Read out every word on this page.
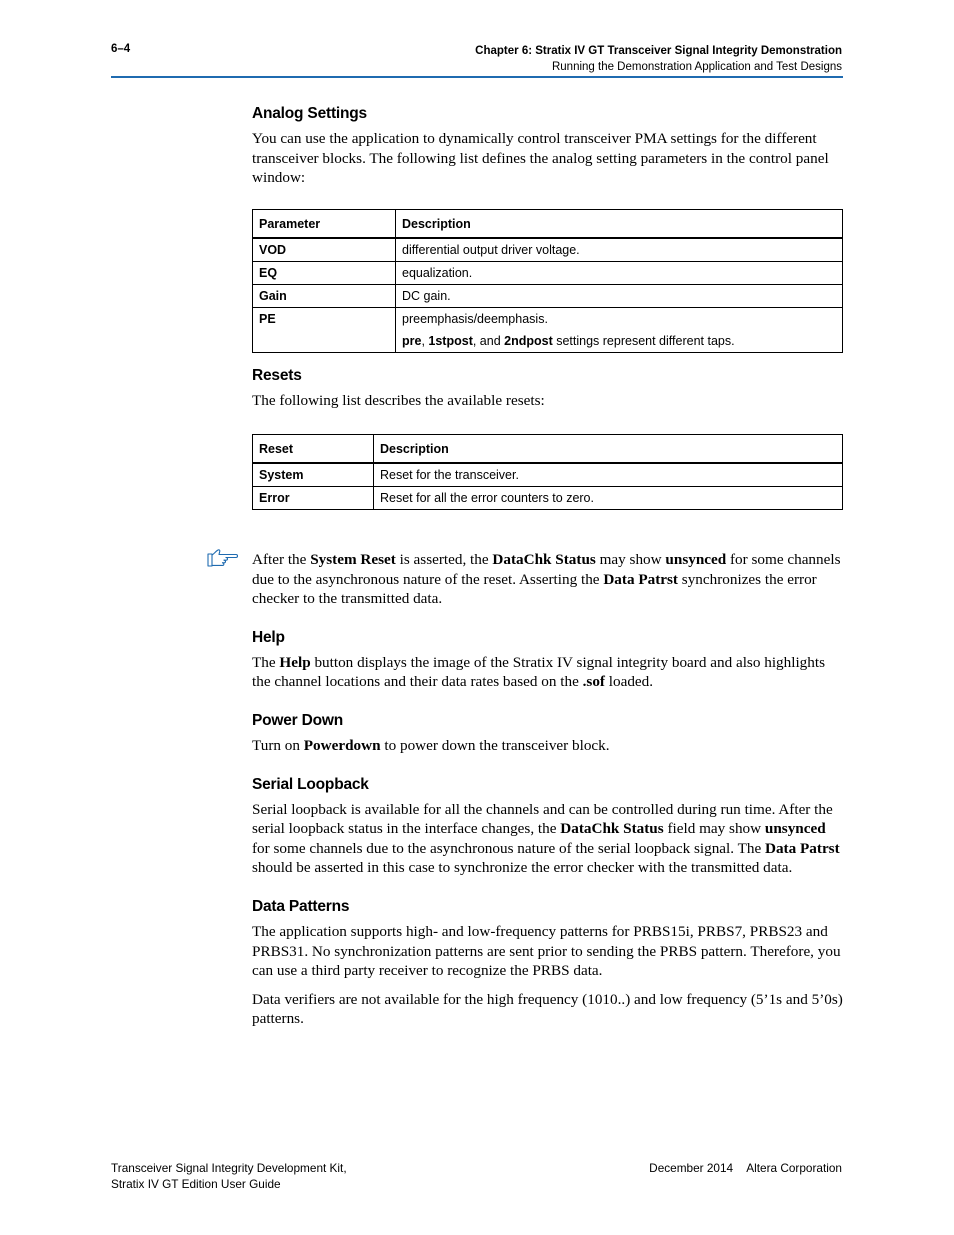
6–4	Chapter 6: Stratix IV GT Transceiver Signal Integrity Demonstration
Running the Demonstration Application and Test Designs
Analog Settings

You can use the application to dynamically control transceiver PMA settings for the different transceiver blocks. The following list defines the analog setting parameters in the control panel window:

Parameter	Description
VOD	differential output driver voltage.
EQ	equalization.
Gain	DC gain.
PE	preemphasis/deemphasis.
pre, 1stpost, and 2ndpost settings represent different taps.
Resets

The following list describes the available resets:

Reset	Description
System	Reset for the transceiver.
Error	Reset for all the error counters to zero.

After the System Reset is asserted, the DataChk Status may show unsynced for some channels due to the asynchronous nature of the reset. Asserting the Data Patrst synchronizes the error checker to the transmitted data.

Help

The Help button displays the image of the Stratix IV signal integrity board and also highlights the channel locations and their data rates based on the .sof loaded.

Power Down

Turn on Powerdown to power down the transceiver block.

Serial Loopback

Serial loopback is available for all the channels and can be controlled during run time. After the serial loopback status in the interface changes, the DataChk Status field may show unsynced for some channels due to the asynchronous nature of the serial loopback signal. The Data Patrst should be asserted in this case to synchronize the error checker with the transmitted data.

Data Patterns

The application supports high- and low-frequency patterns for PRBS15i, PRBS7, PRBS23 and PRBS31. No synchronization patterns are sent prior to sending the PRBS pattern. Therefore, you can use a third party receiver to recognize the PRBS data.

Data verifiers are not available for the high frequency (1010..) and low frequency (5’1s and 5’0s) patterns.

Transceiver Signal Integrity Development Kit,
Stratix IV GT Edition User Guide
December 2014 Altera Corporation
